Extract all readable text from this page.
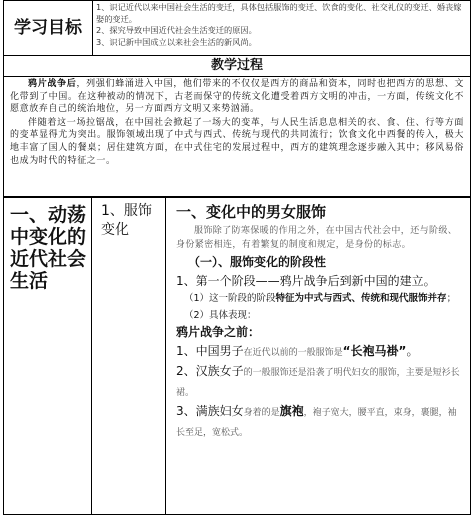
学习目标
1、识记近代以来中国社会生活的变迁，具体包括服饰的变迁、饮食的变化、社交礼仪的变迁、婚丧嫁娶的变迁。
2、探究导致中国近代社会生活变迁的原因。
3、识记新中国成立以来社会生活的新风尚。
教学过程
鸦片战争后，列强们蜂涌进入中国，他们带来的不仅仅是西方的商品和资本，同时也把西方的思想、文化带到了中国。在这种被动的情况下，古老而保守的传统文化遭受着西方文明的冲击，一方面，传统文化不愿意放弃自己的统治地位，另一方面西方文明又来势汹涌。
伴随着这一场拉锯战，在中国社会掀起了一场大的变革，与人民生活息息相关的衣、食、住、行等方面的变革显得尤为突出。服饰领域出现了中式与西式、传统与现代的共同流行；饮食文化中西餐的传入，极大地丰富了国人的餐桌；居住建筑方面，在中式住宅的发展过程中，西方的建筑理念逐步融入其中；移风易俗也成为时代的特征之一。
一、动荡中变化的近代社会生活
1、服饰变化
一、变化中的男女服饰
服饰除了防寒保暖的作用之外，在中国古代社会中，还与阶级、身份紧密相连，有着繁复的制度和规定，是身份的标志。
（一）、服饰变化的阶段性
1、第一个阶段——鸦片战争后到新中国的建立。
（1）这一阶段的阶段特征为中式与西式、传统和现代服饰并存；
（2）具体表现：
鸦片战争之前：
1、中国男子在近代以前的一般服饰是“长袍马褂”。
2、汉族女子的一般服饰还是沿袭了明代妇女的服饰，主要是短衫长裙。
3、满族妇女身着的是旗袍，袍子宽大，腰平直，束身，裹腿，袖长至足，宽松式。
